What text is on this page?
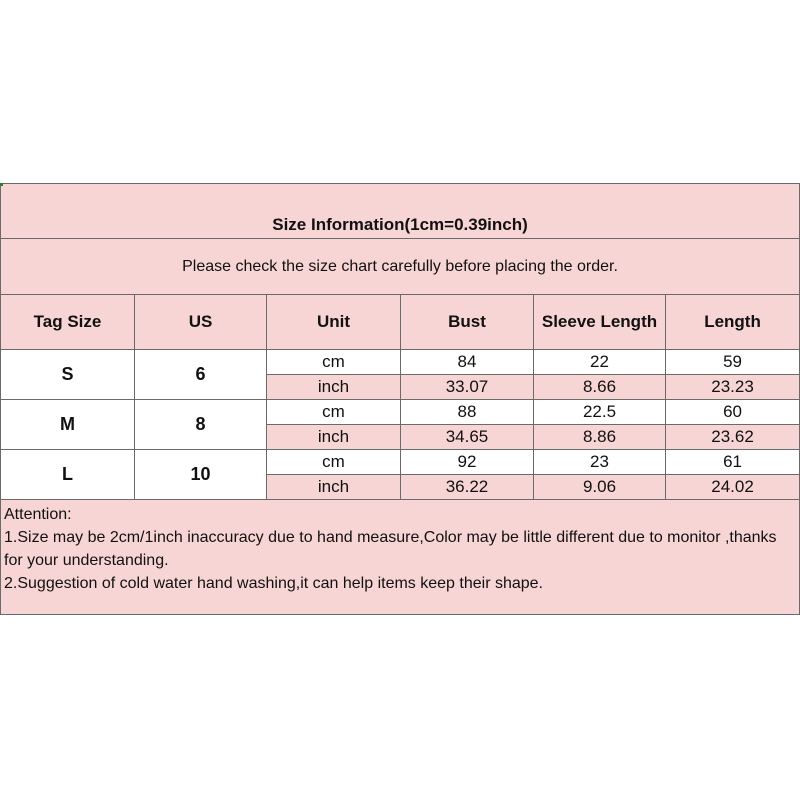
Size Information(1cm=0.39inch)					
Please check the size chart carefully before placing the order.					
Tag Size	US	Unit	Bust	Sleeve Length	Length
S	6	cm	84	22	59
		inch	33.07	8.66	23.23
M	8	cm	88	22.5	60
		inch	34.65	8.86	23.62
L	10	cm	92	23	61
		inch	36.22	9.06	24.02

Attention:
1.Size may be 2cm/1inch inaccuracy due to hand measure,Color may be little different due to monitor ,thanks for your understanding.
2.Suggestion of cold water hand washing,it can help items keep their shape.					
